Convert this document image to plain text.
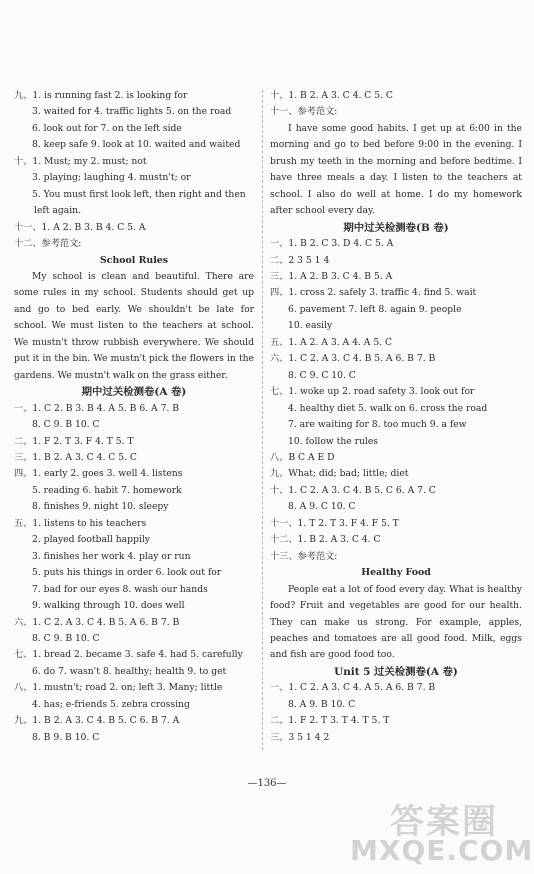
九、1. is running fast 2. is looking for
3. waited for 4. traffic lights 5. on the road
6. look out for 7. on the left side
8. keep safe 9. look at 10. waited and waited
十、1. Must; my 2. must; not
3. playing; laughing 4. mustn't; or
5. You must first look left, then right and then
left again.
十一、1. A 2. B 3. B 4. C 5. A
十二、参考范文:
School Rules
My school is clean and beautiful. There are some rules in my school. Students should get up and go to bed early. We shouldn't be late for school. We must listen to the teachers at school. We mustn't throw rubbish everywhere. We should put it in the bin. We mustn't pick the flowers in the gardens. We mustn't walk on the grass either.
期中过关检测卷(A 卷)
一、1. C 2. B 3. B 4. A 5. B 6. A 7. B
8. C 9. B 10. C
二、1. F 2. T 3. F 4. T 5. T
三、1. B 2. A 3. C 4. C 5. C
四、1. early 2. goes 3. well 4. listens
5. reading 6. habit 7. homework
8. finishes 9. night 10. sleepy
五、1. listens to his teachers
2. played football happily
3. finishes her work 4. play or run
5. puts his things in order 6. look out for
7. bad for our eyes 8. wash our hands
9. walking through 10. does well
六、1. C 2. A 3. C 4. B 5. A 6. B 7. B
8. C 9. B 10. C
七、1. bread 2. became 3. safe 4. had 5. carefully
6. do 7. wasn't 8. healthy; health 9. to get
八、1. mustn't; road 2. on; left 3. Many; little
4. has; e-friends 5. zebra crossing
九、1. B 2. A 3. C 4. B 5. C 6. B 7. A
8. B 9. B 10. C
十、1. B 2. A 3. C 4. C 5. C
十一、参考范文:
I have some good habits. I get up at 6:00 in the morning and go to bed before 9:00 in the evening. I brush my teeth in the morning and before bedtime. I have three meals a day. I listen to the teachers at school. I also do well at home. I do my homework after school every day.
期中过关检测卷(B 卷)
一、1. B 2. C 3. D 4. C 5. A
二、2 3 5 1 4
三、1. A 2. B 3. C 4. B 5. A
四、1. cross 2. safely 3. traffic 4. find 5. wait
6. pavement 7. left 8. again 9. people
10. easily
五、1. A 2. A 3. A 4. A 5. C
六、1. C 2. A 3. C 4. B 5. A 6. B 7. B
8. C 9. C 10. C
七、1. woke up 2. road safety 3. look out for
4. healthy diet 5. walk on 6. cross the road
7. are waiting for 8. too much 9. a few
10. follow the rules
八、B C A E D
九、What; did; bad; little; diet
十、1. C 2. A 3. C 4. B 5. C 6. A 7. C
8. A 9. C 10. C
十一、1. T 2. T 3. F 4. F 5. T
十二、1. B 2. A 3. C 4. C
十三、参考范文:
Healthy Food
People eat a lot of food every day. What is healthy food? Fruit and vegetables are good for our health. They can make us strong. For example, apples, peaches and tomatoes are all good food. Milk, eggs and fish are good food too.
Unit 5 过关检测卷(A 卷)
一、1. C 2. A 3. C 4. A 5. A 6. B 7. B
8. A 9. B 10. C
二、1. F 2. T 3. T 4. T 5. T
三、3 5 1 4 2
—136—
答案圈
MXQE.COM
